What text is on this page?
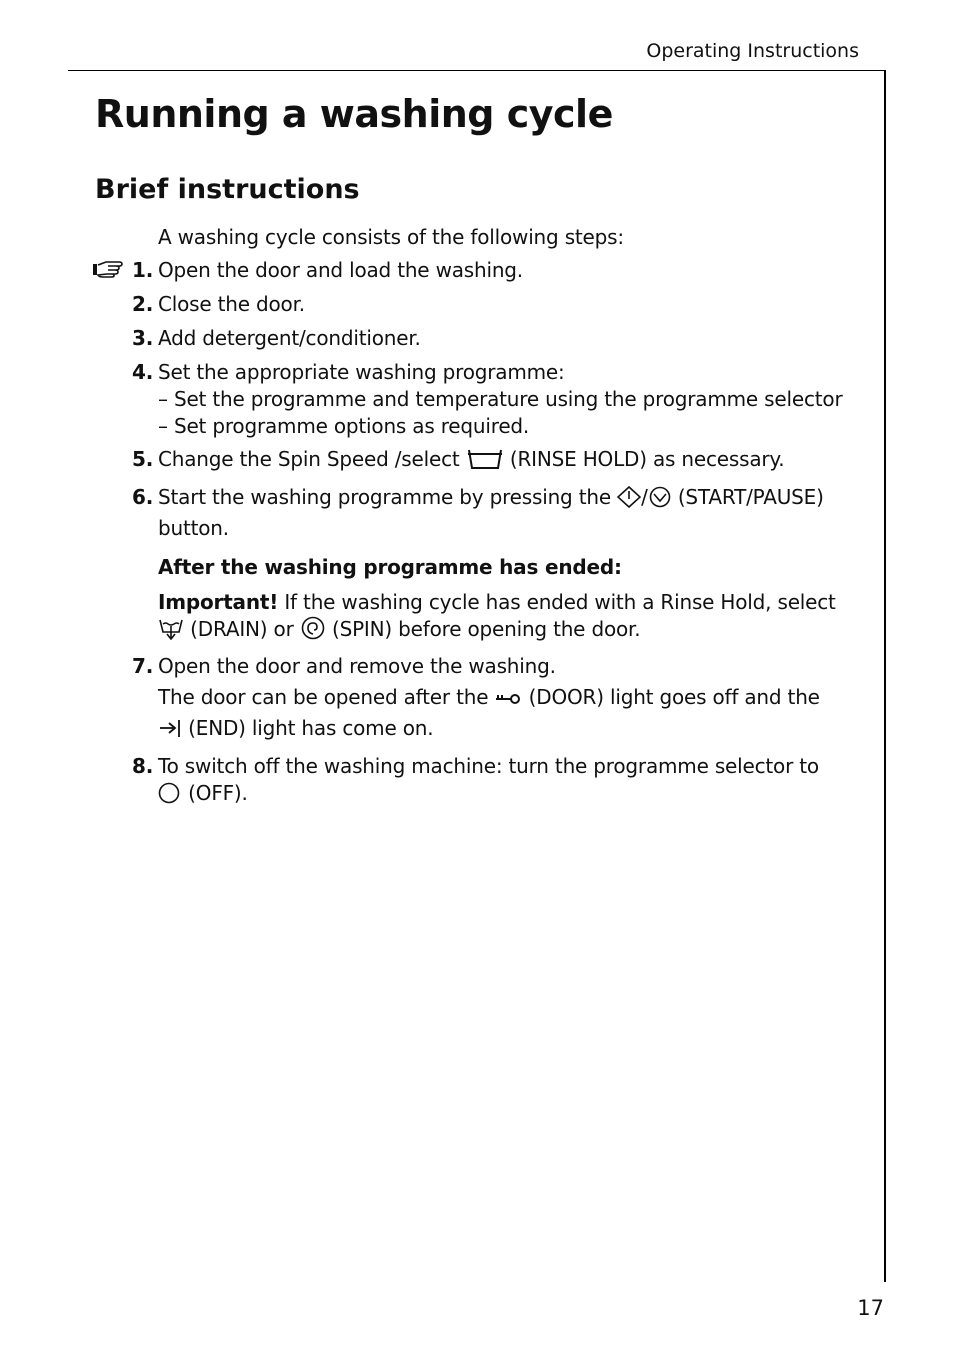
Operating Instructions
Running a washing cycle
Brief instructions
A washing cycle consists of the following steps:
1. Open the door and load the washing.
2. Close the door.
3. Add detergent/conditioner.
4. Set the appropriate washing programme:
– Set the programme and temperature using the programme selector
– Set programme options as required.
5. Change the Spin Speed /select	(RINSE HOLD) as necessary.
6. Start the washing programme by pressing the / (START/PAUSE)
button.
After the washing programme has ended:
Important! If the washing cycle has ended with a Rinse Hold, select
(DRAIN) or (SPIN) before opening the door.
7. Open the door and remove the washing.
The door can be opened after the (DOOR) light goes off and the
(END) light has come on.
8. To switch off the washing machine: turn the programme selector to
(OFF).
17
